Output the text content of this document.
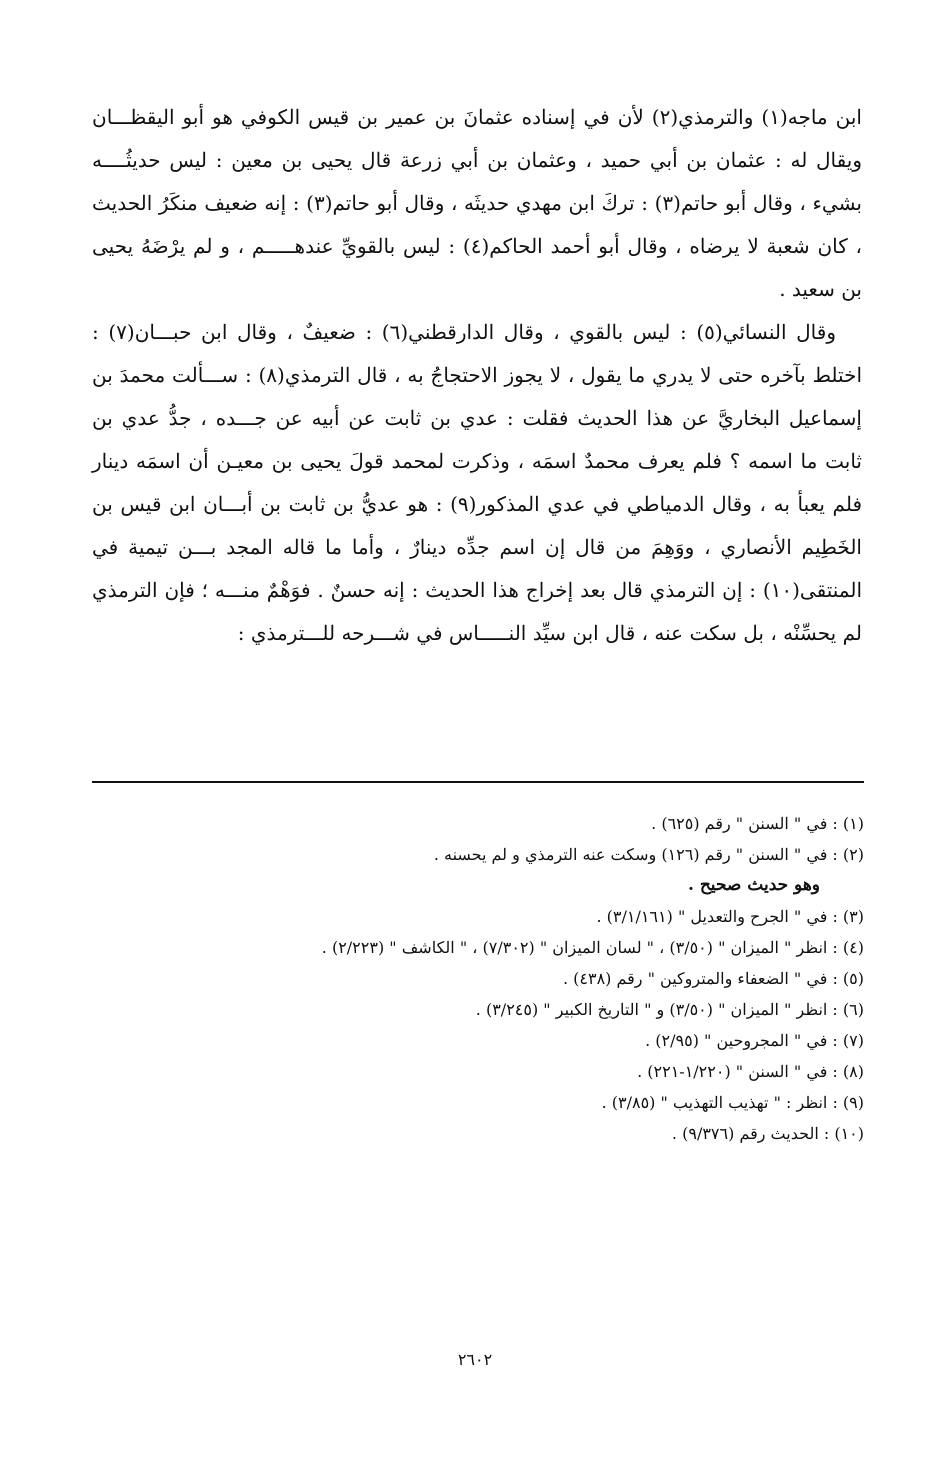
ابن ماجه(١) والترمذي(٢) لأن في إسناده عثمانَ بن عمير بن قيس الكوفي هو أبو اليقظـــان ويقال له : عثمان بن أبي حميد ، وعثمان بن أبي زرعة قال يحيى بن معين : ليس حديثُــــه بشيء ، وقال أبو حاتم(٣) : تركَ ابن مهدي حديثَه ، وقال أبو حاتم(٣) : إنه ضعيف منكَرُ الحديث ، كان شعبة لا يرضاه ، وقال أبو أحمد الحاكم(٤) : ليس بالقويِّ عندهـــــم ، و لم يرْضَهُ يحيى بن سعيد .

وقال النسائي(٥) : ليس بالقوي ، وقال الدارقطني(٦) : ضعيفٌ ، وقال ابن حبـــان(٧) : اختلط بآخره حتى لا يدري ما يقول ، لا يجوز الاحتجاجُ به ، قال الترمذي(٨) : ســـألت محمدَ بن إسماعيل البخاريَّ عن هذا الحديث فقلت : عدي بن ثابت عن أبيه عن جـــده ، جدُّ عدي بن ثابت ما اسمه ؟ فلم يعرف محمدٌ اسمَه ، وذكرت لمحمد قولَ يحيى بن معيـن أن اسمَه دينار فلم يعبأ به ، وقال الدمياطي في عدي المذكور(٩) : هو عديُّ بن ثابت بن أبـــان ابن قيس بن الخَطِيم الأنصاري ، ووَهِمَ من قال إن اسم جدِّه دينارٌ ، وأما ما قاله المجد بـــن تيمية في المنتقى(١٠) : إن الترمذي قال بعد إخراج هذا الحديث : إنه حسنٌ . فوَهْمٌ منـــه ؛ فإن الترمذي لم يحسِّنْه ، بل سكت عنه ، قال ابن سيِّد النـــــاس في شـــرحه للـــترمذي :

(١) : في " السنن " رقم (٦٢٥) .
(٢) : في " السنن " رقم (١٢٦) وسكت عنه الترمذي و لم يحسنه .
وهو حديث صحيح .
(٣) : في " الجرح والتعديل " (٣/١/١٦١) .
(٤) : انظر " الميزان " (٣/٥٠) ، " لسان الميزان " (٧/٣٠٢) ، " الكاشف " (٢/٢٢٣) .
(٥) : في " الضعفاء والمتروكين " رقم (٤٣٨) .
(٦) : انظر " الميزان " (٣/٥٠) و " التاريخ الكبير " (٣/٢٤٥) .
(٧) : في " المجروحين " (٢/٩٥) .
(٨) : في " السنن " (١/٢٢٠-٢٢١) .
(٩) : انظر : " تهذيب التهذيب " (٣/٨٥) .
(١٠) : الحديث رقم (٩/٣٧٦) .
٢٦٠٢
